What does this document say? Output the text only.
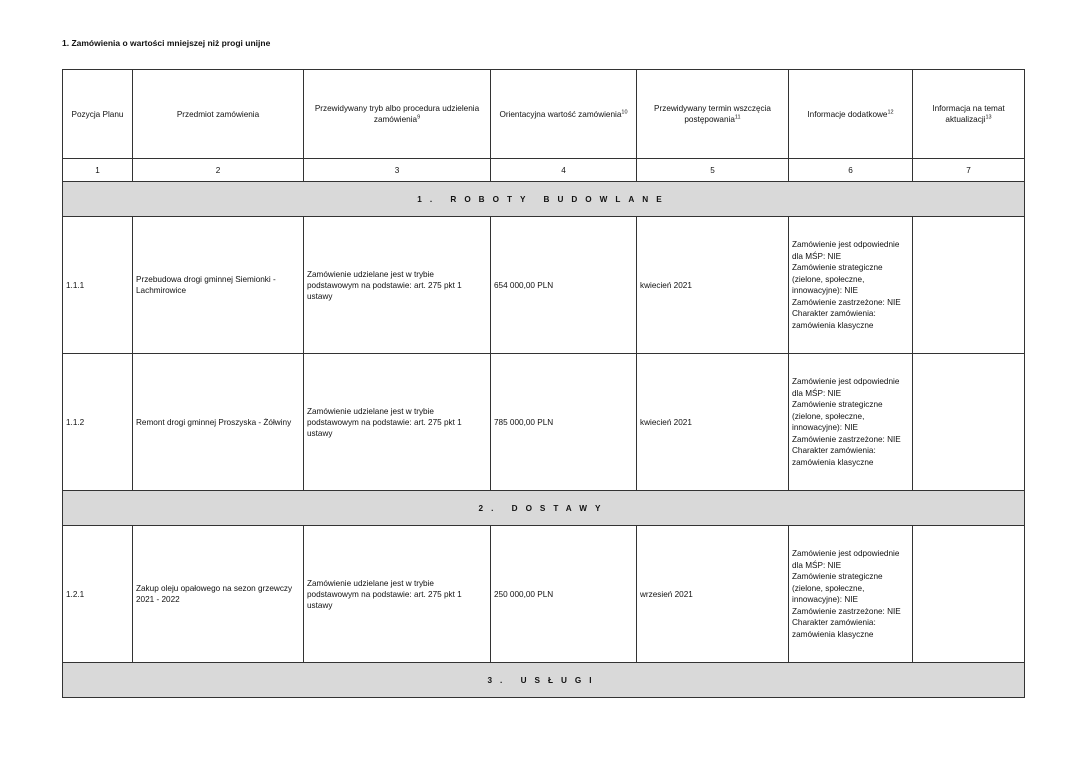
1. Zamówienia o wartości mniejszej niż progi unijne
Pozycja Planu	Przedmiot zamówienia	Przewidywany tryb albo procedura udzielenia zamówienia$^9$	Orientacyjna wartość zamówienia$^{10}$	Przewidywany termin wszczęcia postępowania$^{11}$	Informacje dodatkowe$^{12}$	Informacja na temat aktualizacji$^{13}$
1	2	3	4	5	6	7
1. ROBOTY BUDOWLANE						
1.1.1	Przebudowa drogi gminnej Siemionki - Lachmirowice	Zamówienie udzielane jest w trybie podstawowym na podstawie: art. 275 pkt 1 ustawy	654 000,00 PLN	kwiecień 2021	Zamówienie jest odpowiednie dla MŚP: NIE
Zamówienie strategiczne (zielone, społeczne, innowacyjne): NIE
Zamówienie zastrzeżone: NIE
Charakter zamówienia: zamówienia klasyczne	

1.1.2	Remont drogi gminnej Proszyska - Żółwiny	Zamówienie udzielane jest w trybie podstawowym na podstawie: art. 275 pkt 1 ustawy	785 000,00 PLN	kwiecień 2021	Zamówienie jest odpowiednie dla MŚP: NIE
Zamówienie strategiczne (zielone, społeczne, innowacyjne): NIE
Zamówienie zastrzeżone: NIE
Charakter zamówienia: zamówienia klasyczne	

2. DOSTAWY						
1.2.1	Zakup oleju opałowego na sezon grzewczy 2021 - 2022	Zamówienie udzielane jest w trybie podstawowym na podstawie: art. 275 pkt 1 ustawy	250 000,00 PLN	wrzesień 2021	Zamówienie jest odpowiednie dla MŚP: NIE
Zamówienie strategiczne (zielone, społeczne, innowacyjne): NIE
Zamówienie zastrzeżone: NIE
Charakter zamówienia: zamówienia klasyczne	

3. USŁUGI						
